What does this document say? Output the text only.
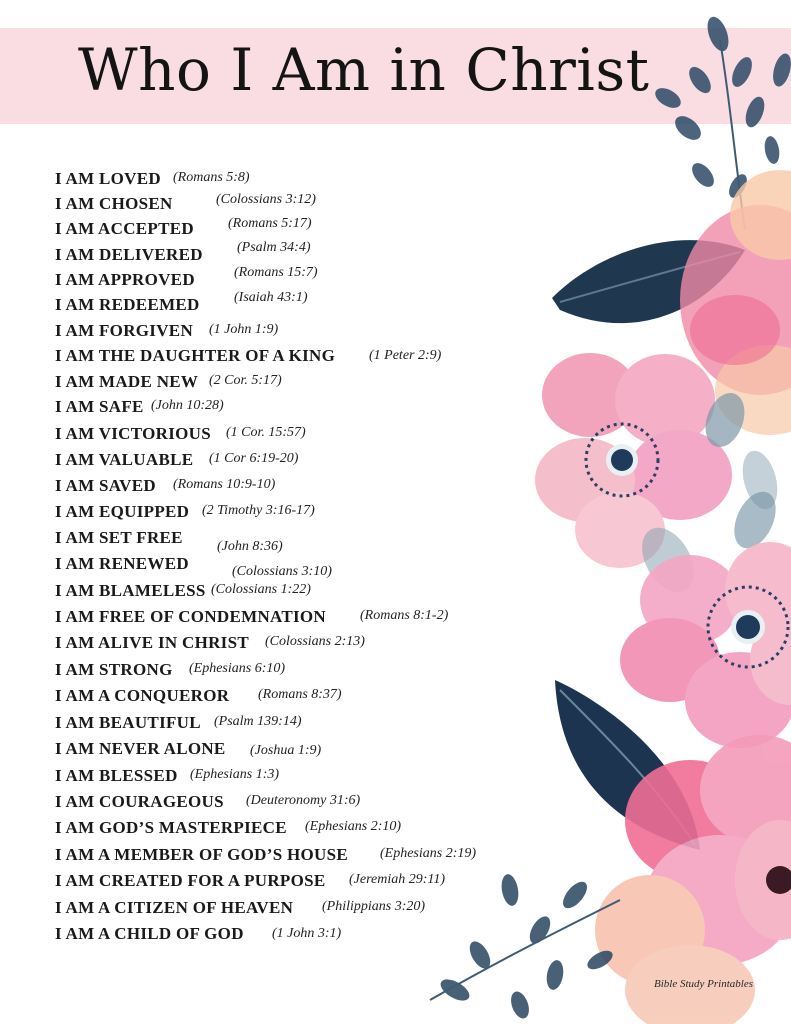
Who I Am in Christ
I AM LOVED (Romans 5:8)
I AM CHOSEN	(Colossians 3:12)
I AM ACCEPTED (Romans 5:17)
I AM DELIVERED (Psalm 34:4)
I AM APPROVED	(Romans 15:7)
I AM REDEEMED (Isaiah 43:1)
I AM FORGIVEN (1 John 1:9)
I AM THE DAUGHTER OF A KING (1 Peter 2:9)
I AM MADE NEW (2 Cor. 5:17)
I AM SAFE (John 10:28)
I AM VICTORIOUS (1 Cor. 15:57)
I AM VALUABLE (1 Cor 6:19-20)
I AM SAVED (Romans 10:9-10)
I AM EQUIPPED (2 Timothy 3:16-17)
I AM SET FREE (John 8:36)
I AM RENEWED	(Colossians 3:10)
I AM BLAMELESS (Colossians 1:22)
I AM FREE OF CONDEMNATION (Romans 8:1-2)
I AM ALIVE IN CHRIST (Colossians 2:13)
I AM STRONG (Ephesians 6:10)
I AM A CONQUEROR (Romans 8:37)
I AM BEAUTIFUL (Psalm 139:14)
I AM NEVER ALONE (Joshua 1:9)
I AM BLESSED (Ephesians 1:3)
I AM COURAGEOUS (Deuteronomy 31:6)
I AM GOD’S MASTERPIECE (Ephesians 2:10)
I AM A MEMBER OF GOD’S HOUSE (Ephesians 2:19)
I AM CREATED FOR A PURPOSE (Jeremiah 29:11)
I AM A CITIZEN OF HEAVEN (Philippians 3:20)
I AM A CHILD OF GOD (1 John 3:1)
Bible Study Printables
